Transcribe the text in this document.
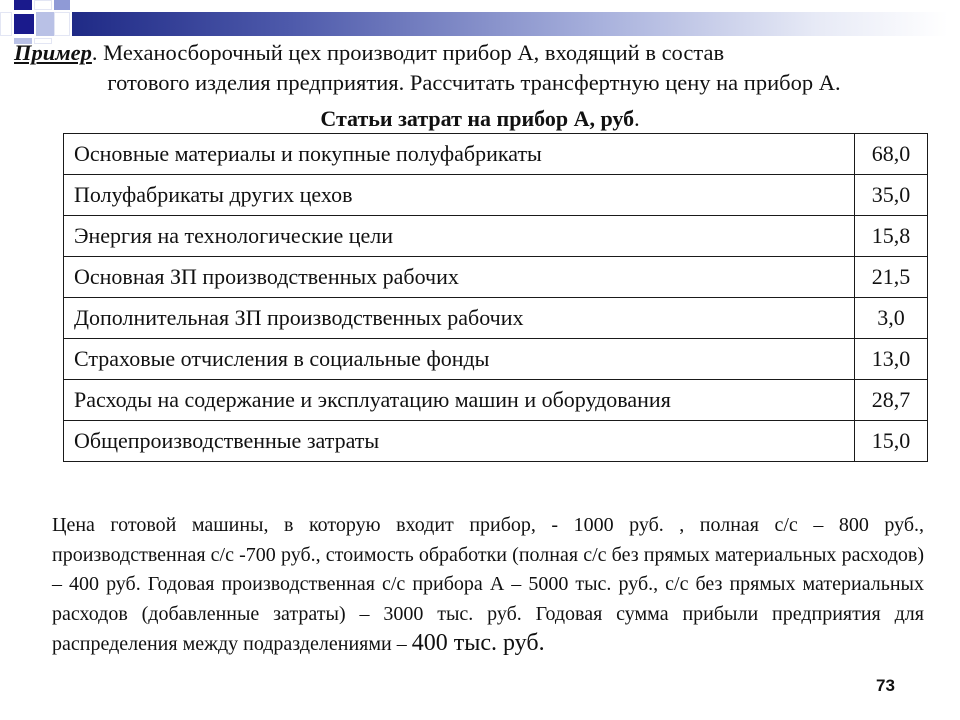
Пример. Механосборочный цех производит прибор А, входящий в состав
готового изделия предприятия. Рассчитать трансфертную цену на прибор А.
Статьи затрат на прибор А, руб.
Основные материалы и покупные полуфабрикаты	68,0
Полуфабрикаты других цехов	35,0
Энергия на технологические цели	15,8
Основная ЗП производственных рабочих	21,5
Дополнительная ЗП производственных рабочих	3,0
Страховые отчисления в социальные фонды	13,0
Расходы на содержание и эксплуатацию машин и оборудования	28,7
Общепроизводственные затраты	15,0
Цена готовой машины, в которую входит прибор, - 1000 руб. , полная с/с – 800 руб., производственная с/с -700 руб., стоимость обработки (полная с/с без прямых материальных расходов) – 400 руб. Годовая производственная с/с прибора А – 5000 тыс. руб., с/с без прямых материальных расходов (добавленные затраты) – 3000 тыс. руб. Годовая сумма прибыли предприятия для распределения между подразделениями – 400 тыс. руб.
73
